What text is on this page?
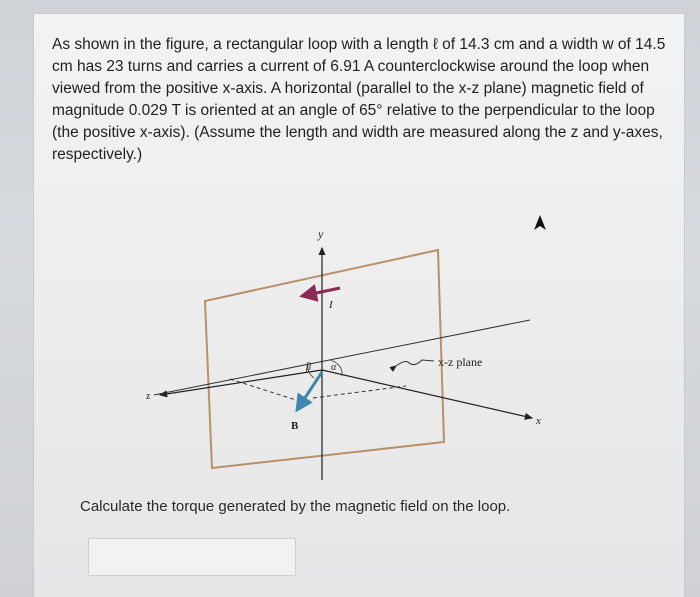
As shown in the figure, a rectangular loop with a length ℓ of 14.3 cm and a width w of 14.5 cm has 23 turns and carries a current of 6.91 A counterclockwise around the loop when viewed from the positive x-axis. A horizontal (parallel to the x-z plane) magnetic field of magnitude 0.029 T is oriented at an angle of 65° relative to the perpendicular to the loop (the positive x-axis). (Assume the length and width are measured along the z and y-axes, respectively.)
y
z
x
β α
B
I
x-z plane
Calculate the torque generated by the magnetic field on the loop.
